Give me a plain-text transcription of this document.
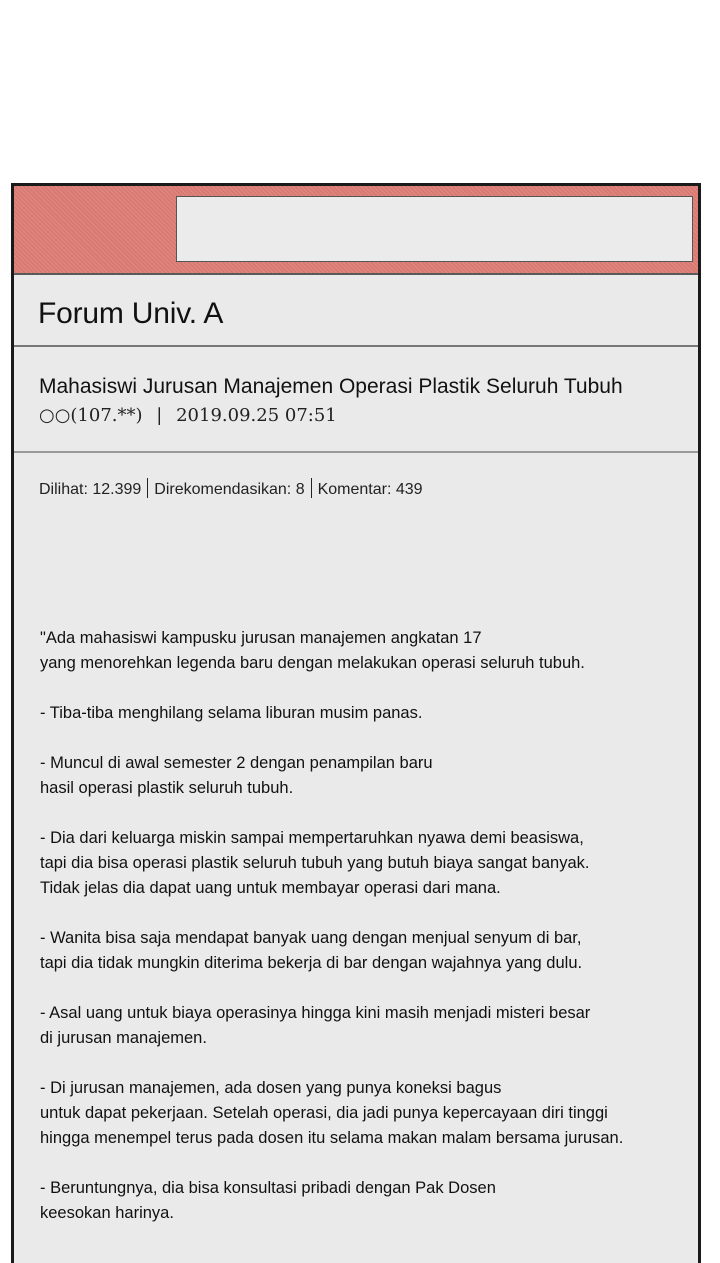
Forum Univ. A
Mahasiswi Jurusan Manajemen Operasi Plastik Seluruh Tubuh
○○(107.**) | 2019.09.25 07:51
Dilihat: 12.399 Direkomendasikan: 8 Komentar: 439
"Ada mahasiswi kampusku jurusan manajemen angkatan 17
yang menorehkan legenda baru dengan melakukan operasi seluruh tubuh.
- Tiba-tiba menghilang selama liburan musim panas.
- Muncul di awal semester 2 dengan penampilan baru
hasil operasi plastik seluruh tubuh.
- Dia dari keluarga miskin sampai mempertaruhkan nyawa demi beasiswa,
tapi dia bisa operasi plastik seluruh tubuh yang butuh biaya sangat banyak.
Tidak jelas dia dapat uang untuk membayar operasi dari mana.
- Wanita bisa saja mendapat banyak uang dengan menjual senyum di bar,
tapi dia tidak mungkin diterima bekerja di bar dengan wajahnya yang dulu.
- Asal uang untuk biaya operasinya hingga kini masih menjadi misteri besar
di jurusan manajemen.
- Di jurusan manajemen, ada dosen yang punya koneksi bagus
untuk dapat pekerjaan. Setelah operasi, dia jadi punya kepercayaan diri tinggi
hingga menempel terus pada dosen itu selama makan malam bersama jurusan.
- Beruntungnya, dia bisa konsultasi pribadi dengan Pak Dosen
keesokan harinya.
